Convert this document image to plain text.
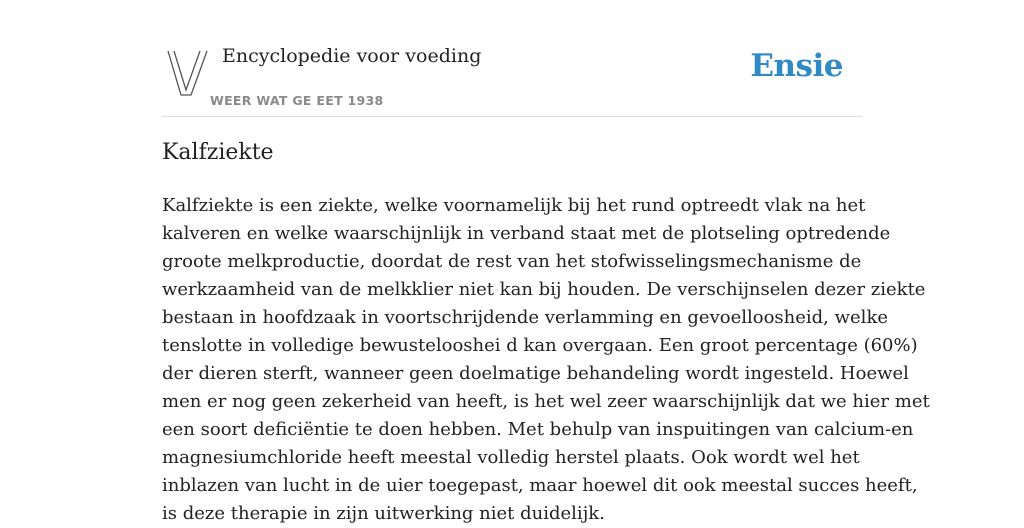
Encyclopedie voor voeding
WEER WAT GE EET 1938
Ensie
Kalfziekte
Kalfziekte is een ziekte, welke voornamelijk bij het rund optreedt vlak na het
kalveren en welke waarschijnlijk in verband staat met de plotseling optredende
groote melkproductie, doordat de rest van het stofwisselingsmechanisme de
werkzaamheid van de melkklier niet kan bij houden. De verschijnselen dezer ziekte
bestaan in hoofdzaak in voortschrijdende verlamming en gevoelloosheid, welke
tenslotte in volledige bewustelooshei d kan overgaan. Een groot percentage (60%)
der dieren sterft, wanneer geen doelmatige behandeling wordt ingesteld. Hoewel
men er nog geen zekerheid van heeft, is het wel zeer waarschijnlijk dat we hier met
een soort deficiëntie te doen hebben. Met behulp van inspuitingen van calcium-en
magnesiumchloride heeft meestal volledig herstel plaats. Ook wordt wel het
inblazen van lucht in de uier toegepast, maar hoewel dit ook meestal succes heeft,
is deze therapie in zijn uitwerking niet duidelijk.
